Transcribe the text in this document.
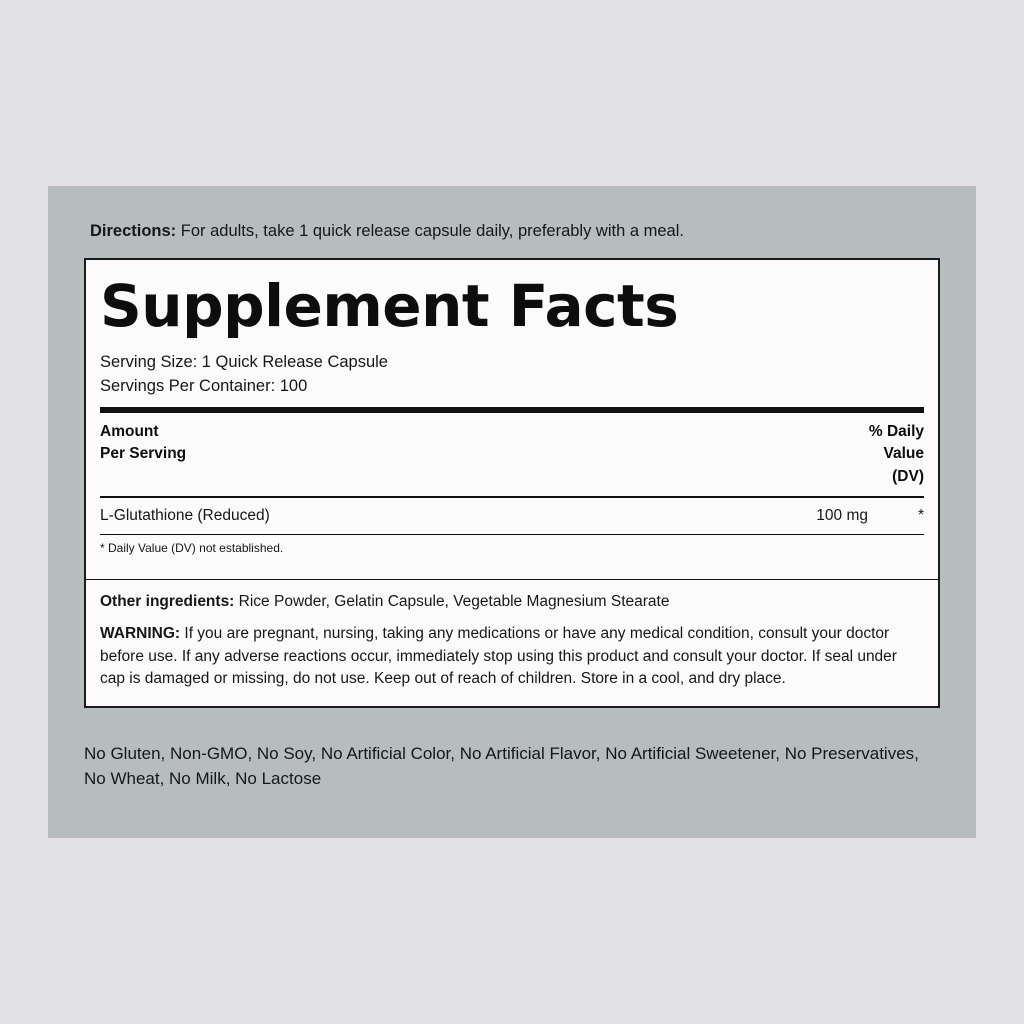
Directions: For adults, take 1 quick release capsule daily, preferably with a meal.
Supplement Facts
Serving Size: 1 Quick Release Capsule
Servings Per Container: 100
Amount
Per Serving
% Daily
Value
(DV)
L-Glutathione (Reduced)	100 mg	*
* Daily Value (DV) not established.
Other ingredients: Rice Powder, Gelatin Capsule, Vegetable Magnesium Stearate
WARNING: If you are pregnant, nursing, taking any medications or have any medical condition, consult your doctor before use. If any adverse reactions occur, immediately stop using this product and consult your doctor. If seal under cap is damaged or missing, do not use. Keep out of reach of children. Store in a cool, and dry place.
No Gluten, Non-GMO, No Soy, No Artificial Color, No Artificial Flavor, No Artificial Sweetener, No Preservatives, No Wheat, No Milk, No Lactose
